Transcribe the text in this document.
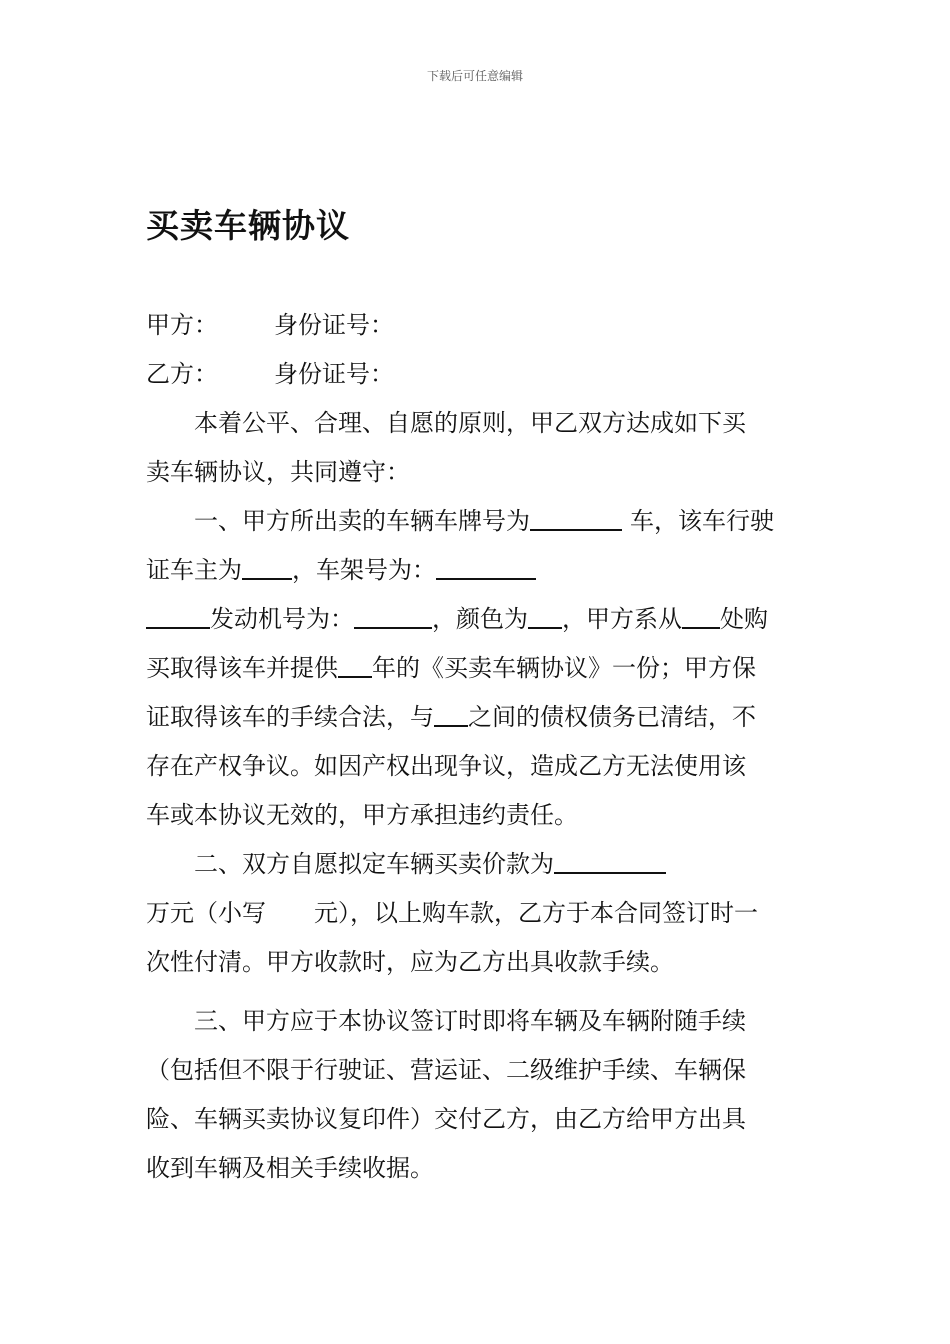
下载后可任意编辑
买卖车辆协议
甲方： 身份证号：
乙方： 身份证号：
本着公平、合理、自愿的原则，甲乙双方达成如下买
卖车辆协议，共同遵守：
一、甲方所出卖的车辆车牌号为	车，该车行驶
证车主为 ，车架号为：
发动机号为：	，颜色为 ，甲方系从 处购
买取得该车并提供 年的《买卖车辆协议》一份；甲方保
证取得该车的手续合法，与 之间的债权债务已清结，不
存在产权争议。如因产权出现争议，造成乙方无法使用该
车或本协议无效的，甲方承担违约责任。
二、双方自愿拟定车辆买卖价款为
万元（小写 元），以上购车款，乙方于本合同签订时一
次性付清。甲方收款时，应为乙方出具收款手续。
三、甲方应于本协议签订时即将车辆及车辆附随手续
（包括但不限于行驶证、营运证、二级维护手续、车辆保
险、车辆买卖协议复印件）交付乙方，由乙方给甲方出具
收到车辆及相关手续收据。
